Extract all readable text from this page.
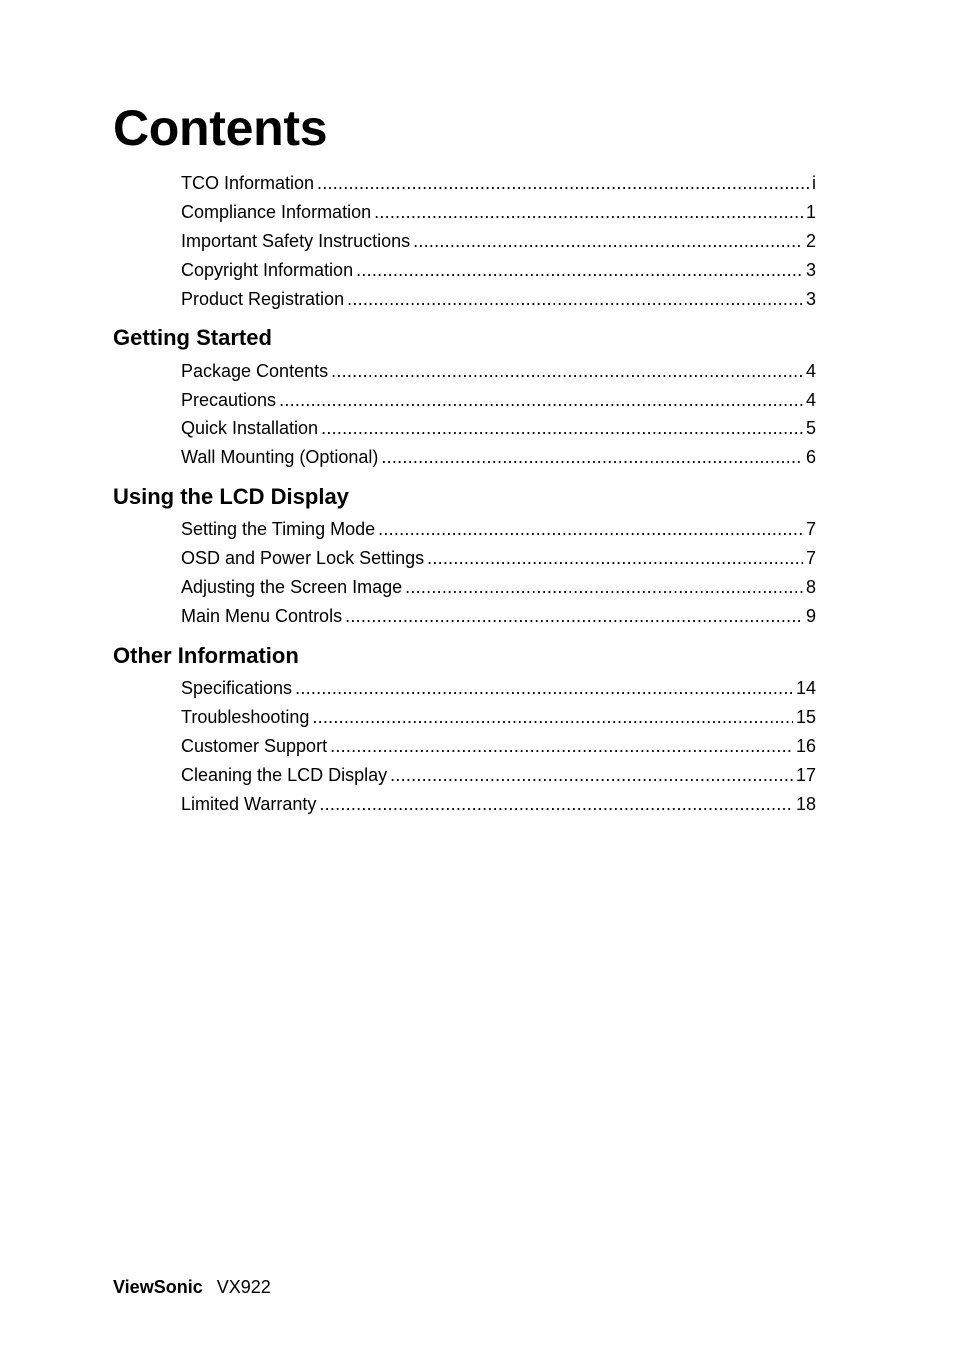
Contents
TCO Information .....	i
Compliance Information .....	1
Important Safety Instructions .....	2
Copyright Information .....	3
Product Registration .....	3
Getting Started
Package Contents .....	4
Precautions .....	4
Quick Installation .....	5
Wall Mounting (Optional) .....	6
Using the LCD Display
Setting the Timing Mode .....	7
OSD and Power Lock Settings .....	7
Adjusting the Screen Image .....	8
Main Menu Controls .....	9
Other Information
Specifications .....	14
Troubleshooting .....	15
Customer Support .....	16
Cleaning the LCD Display .....	17
Limited Warranty .....	18
ViewSonic VX922
